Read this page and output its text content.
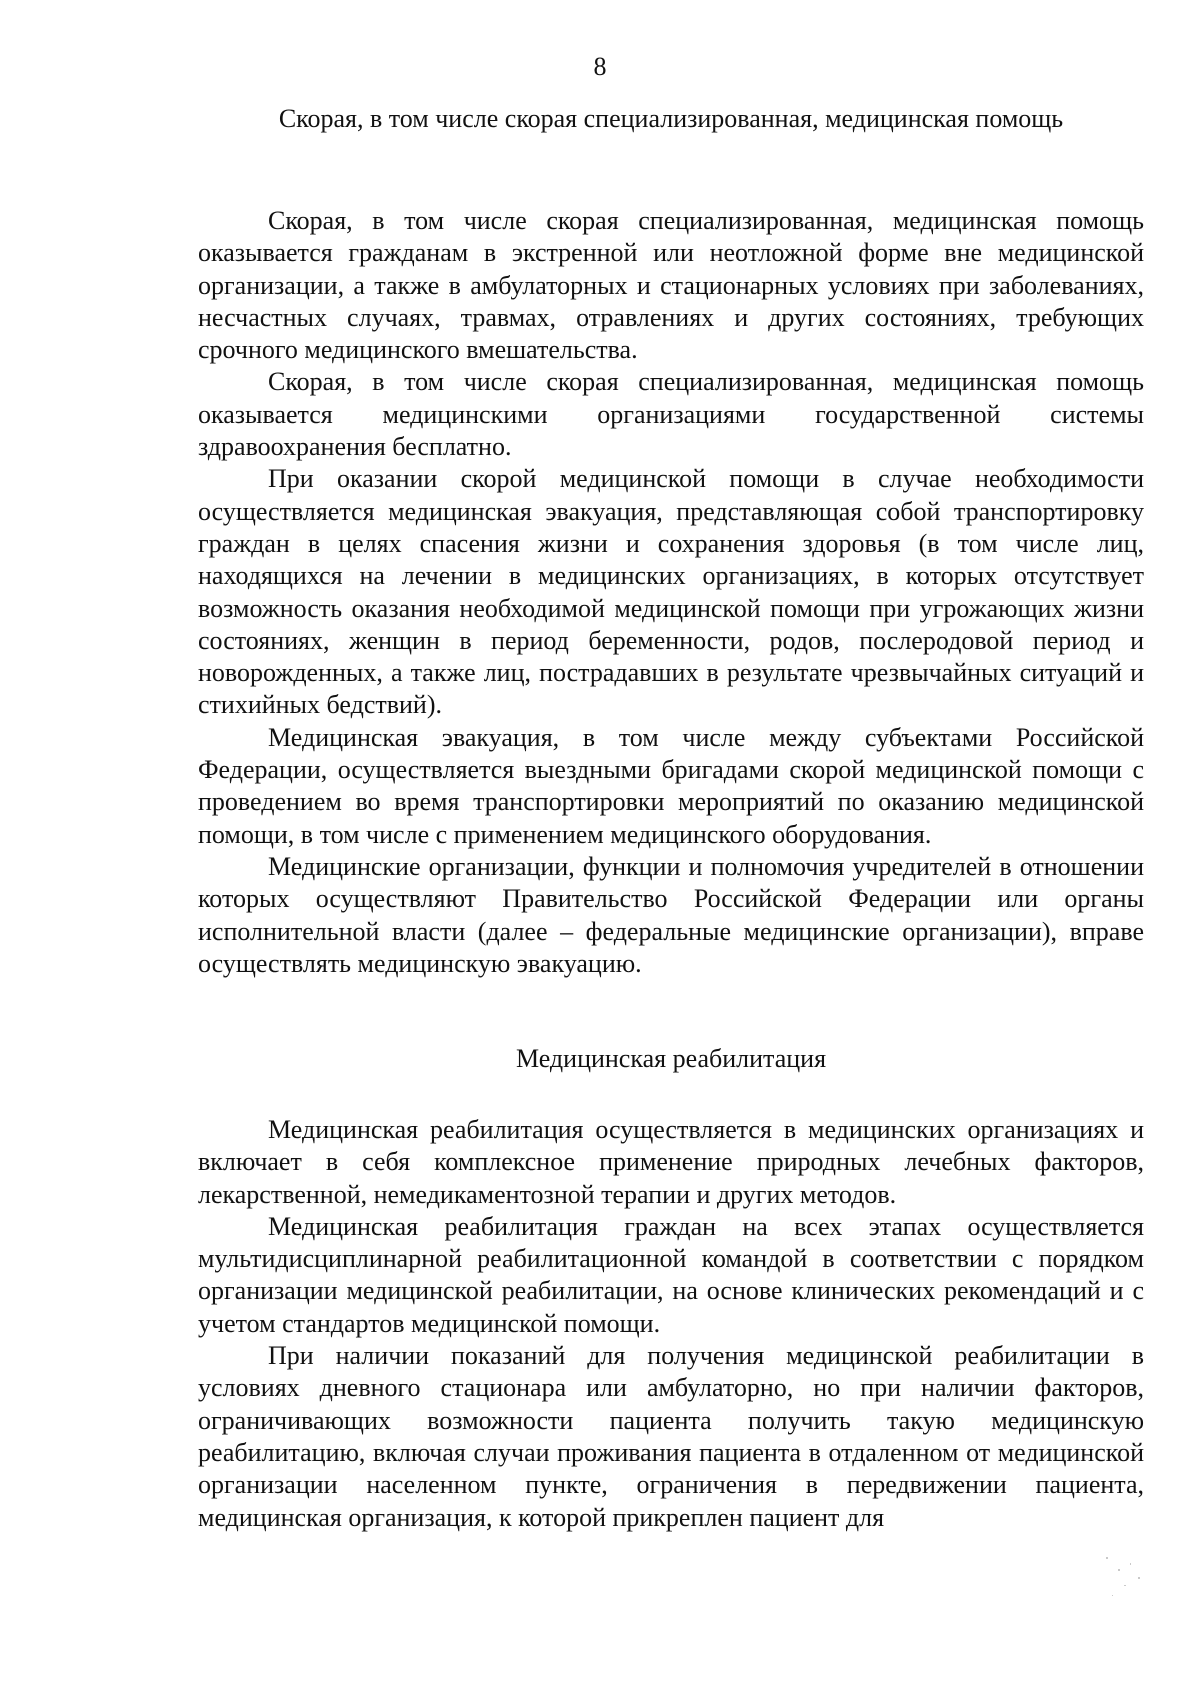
8
Скорая, в том числе скорая специализированная, медицинская помощь

Скорая, в том числе скорая специализированная, медицинская помощь оказывается гражданам в экстренной или неотложной форме вне медицинской организации, а также в амбулаторных и стационарных условиях при заболеваниях, несчастных случаях, травмах, отравлениях и других состояниях, требующих срочного медицинского вмешательства.

Скорая, в том числе скорая специализированная, медицинская помощь оказывается медицинскими организациями государственной системы здравоохранения бесплатно.

При оказании скорой медицинской помощи в случае необходимости осуществляется медицинская эвакуация, представляющая собой транспортировку граждан в целях спасения жизни и сохранения здоровья (в том числе лиц, находящихся на лечении в медицинских организациях, в которых отсутствует возможность оказания необходимой медицинской помощи при угрожающих жизни состояниях, женщин в период беременности, родов, послеродовой период и новорожденных, а также лиц, пострадавших в результате чрезвычайных ситуаций и стихийных бедствий).

Медицинская эвакуация, в том числе между субъектами Российской Федерации, осуществляется выездными бригадами скорой медицинской помощи с проведением во время транспортировки мероприятий по оказанию медицинской помощи, в том числе с применением медицинского оборудования.

Медицинские организации, функции и полномочия учредителей в отношении которых осуществляют Правительство Российской Федерации или органы исполнительной власти (далее – федеральные медицинские организации), вправе осуществлять медицинскую эвакуацию.

Медицинская реабилитация

Медицинская реабилитация осуществляется в медицинских организациях и включает в себя комплексное применение природных лечебных факторов, лекарственной, немедикаментозной терапии и других методов.

Медицинская реабилитация граждан на всех этапах осуществляется мультидисциплинарной реабилитационной командой в соответствии с порядком организации медицинской реабилитации, на основе клинических рекомендаций и с учетом стандартов медицинской помощи.

При наличии показаний для получения медицинской реабилитации в условиях дневного стационара или амбулаторно, но при наличии факторов, ограничивающих возможности пациента получить такую медицинскую реабилитацию, включая случаи проживания пациента в отдаленном от медицинской организации населенном пункте, ограничения в передвижении пациента, медицинская организация, к которой прикреплен пациент для
